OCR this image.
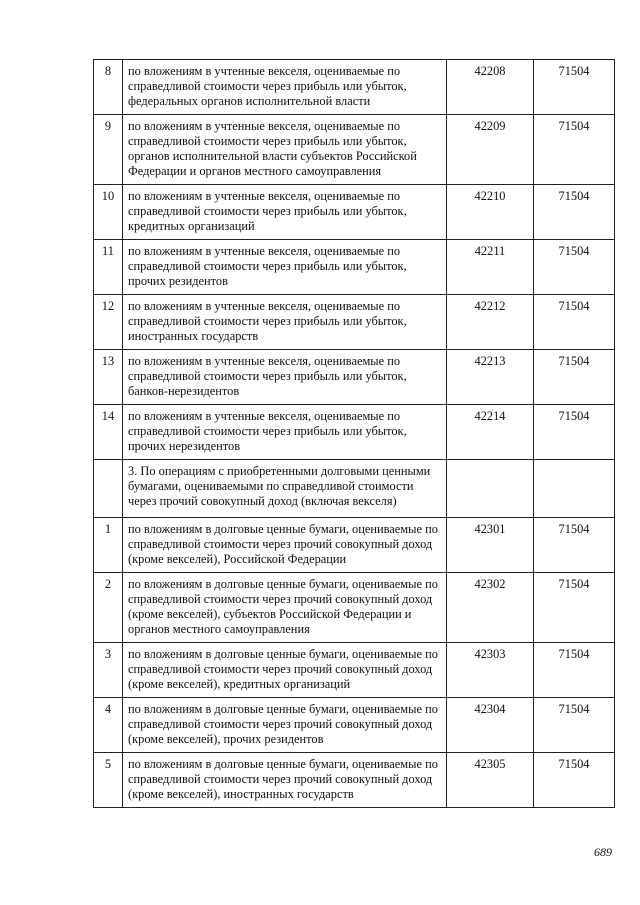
8	по вложениям в учтенные векселя, оцениваемые по справедливой стоимости через прибыль или убыток, федеральных органов исполнительной власти	42208	71504
9	по вложениям в учтенные векселя, оцениваемые по справедливой стоимости через прибыль или убыток, органов исполнительной власти субъектов Российской Федерации и органов местного самоуправления	42209	71504
10	по вложениям в учтенные векселя, оцениваемые по справедливой стоимости через прибыль или убыток, кредитных организаций	42210	71504
11	по вложениям в учтенные векселя, оцениваемые по справедливой стоимости через прибыль или убыток, прочих резидентов	42211	71504
12	по вложениям в учтенные векселя, оцениваемые по справедливой стоимости через прибыль или убыток, иностранных государств	42212	71504
13	по вложениям в учтенные векселя, оцениваемые по справедливой стоимости через прибыль или убыток, банков-нерезидентов	42213	71504
14	по вложениям в учтенные векселя, оцениваемые по справедливой стоимости через прибыль или убыток, прочих нерезидентов	42214	71504
	3. По операциям с приобретенными долговыми ценными бумагами, оцениваемыми по справедливой стоимости через прочий совокупный доход (включая векселя)		
1	по вложениям в долговые ценные бумаги, оцениваемые по справедливой стоимости через прочий совокупный доход (кроме векселей), Российской Федерации	42301	71504
2	по вложениям в долговые ценные бумаги, оцениваемые по справедливой стоимости через прочий совокупный доход (кроме векселей), субъектов Российской Федерации и органов местного самоуправления	42302	71504
3	по вложениям в долговые ценные бумаги, оцениваемые по справедливой стоимости через прочий совокупный доход (кроме векселей), кредитных организаций	42303	71504
4	по вложениям в долговые ценные бумаги, оцениваемые по справедливой стоимости через прочий совокупный доход (кроме векселей), прочих резидентов	42304	71504
5	по вложениям в долговые ценные бумаги, оцениваемые по справедливой стоимости через прочий совокупный доход (кроме векселей), иностранных государств	42305	71504
689
